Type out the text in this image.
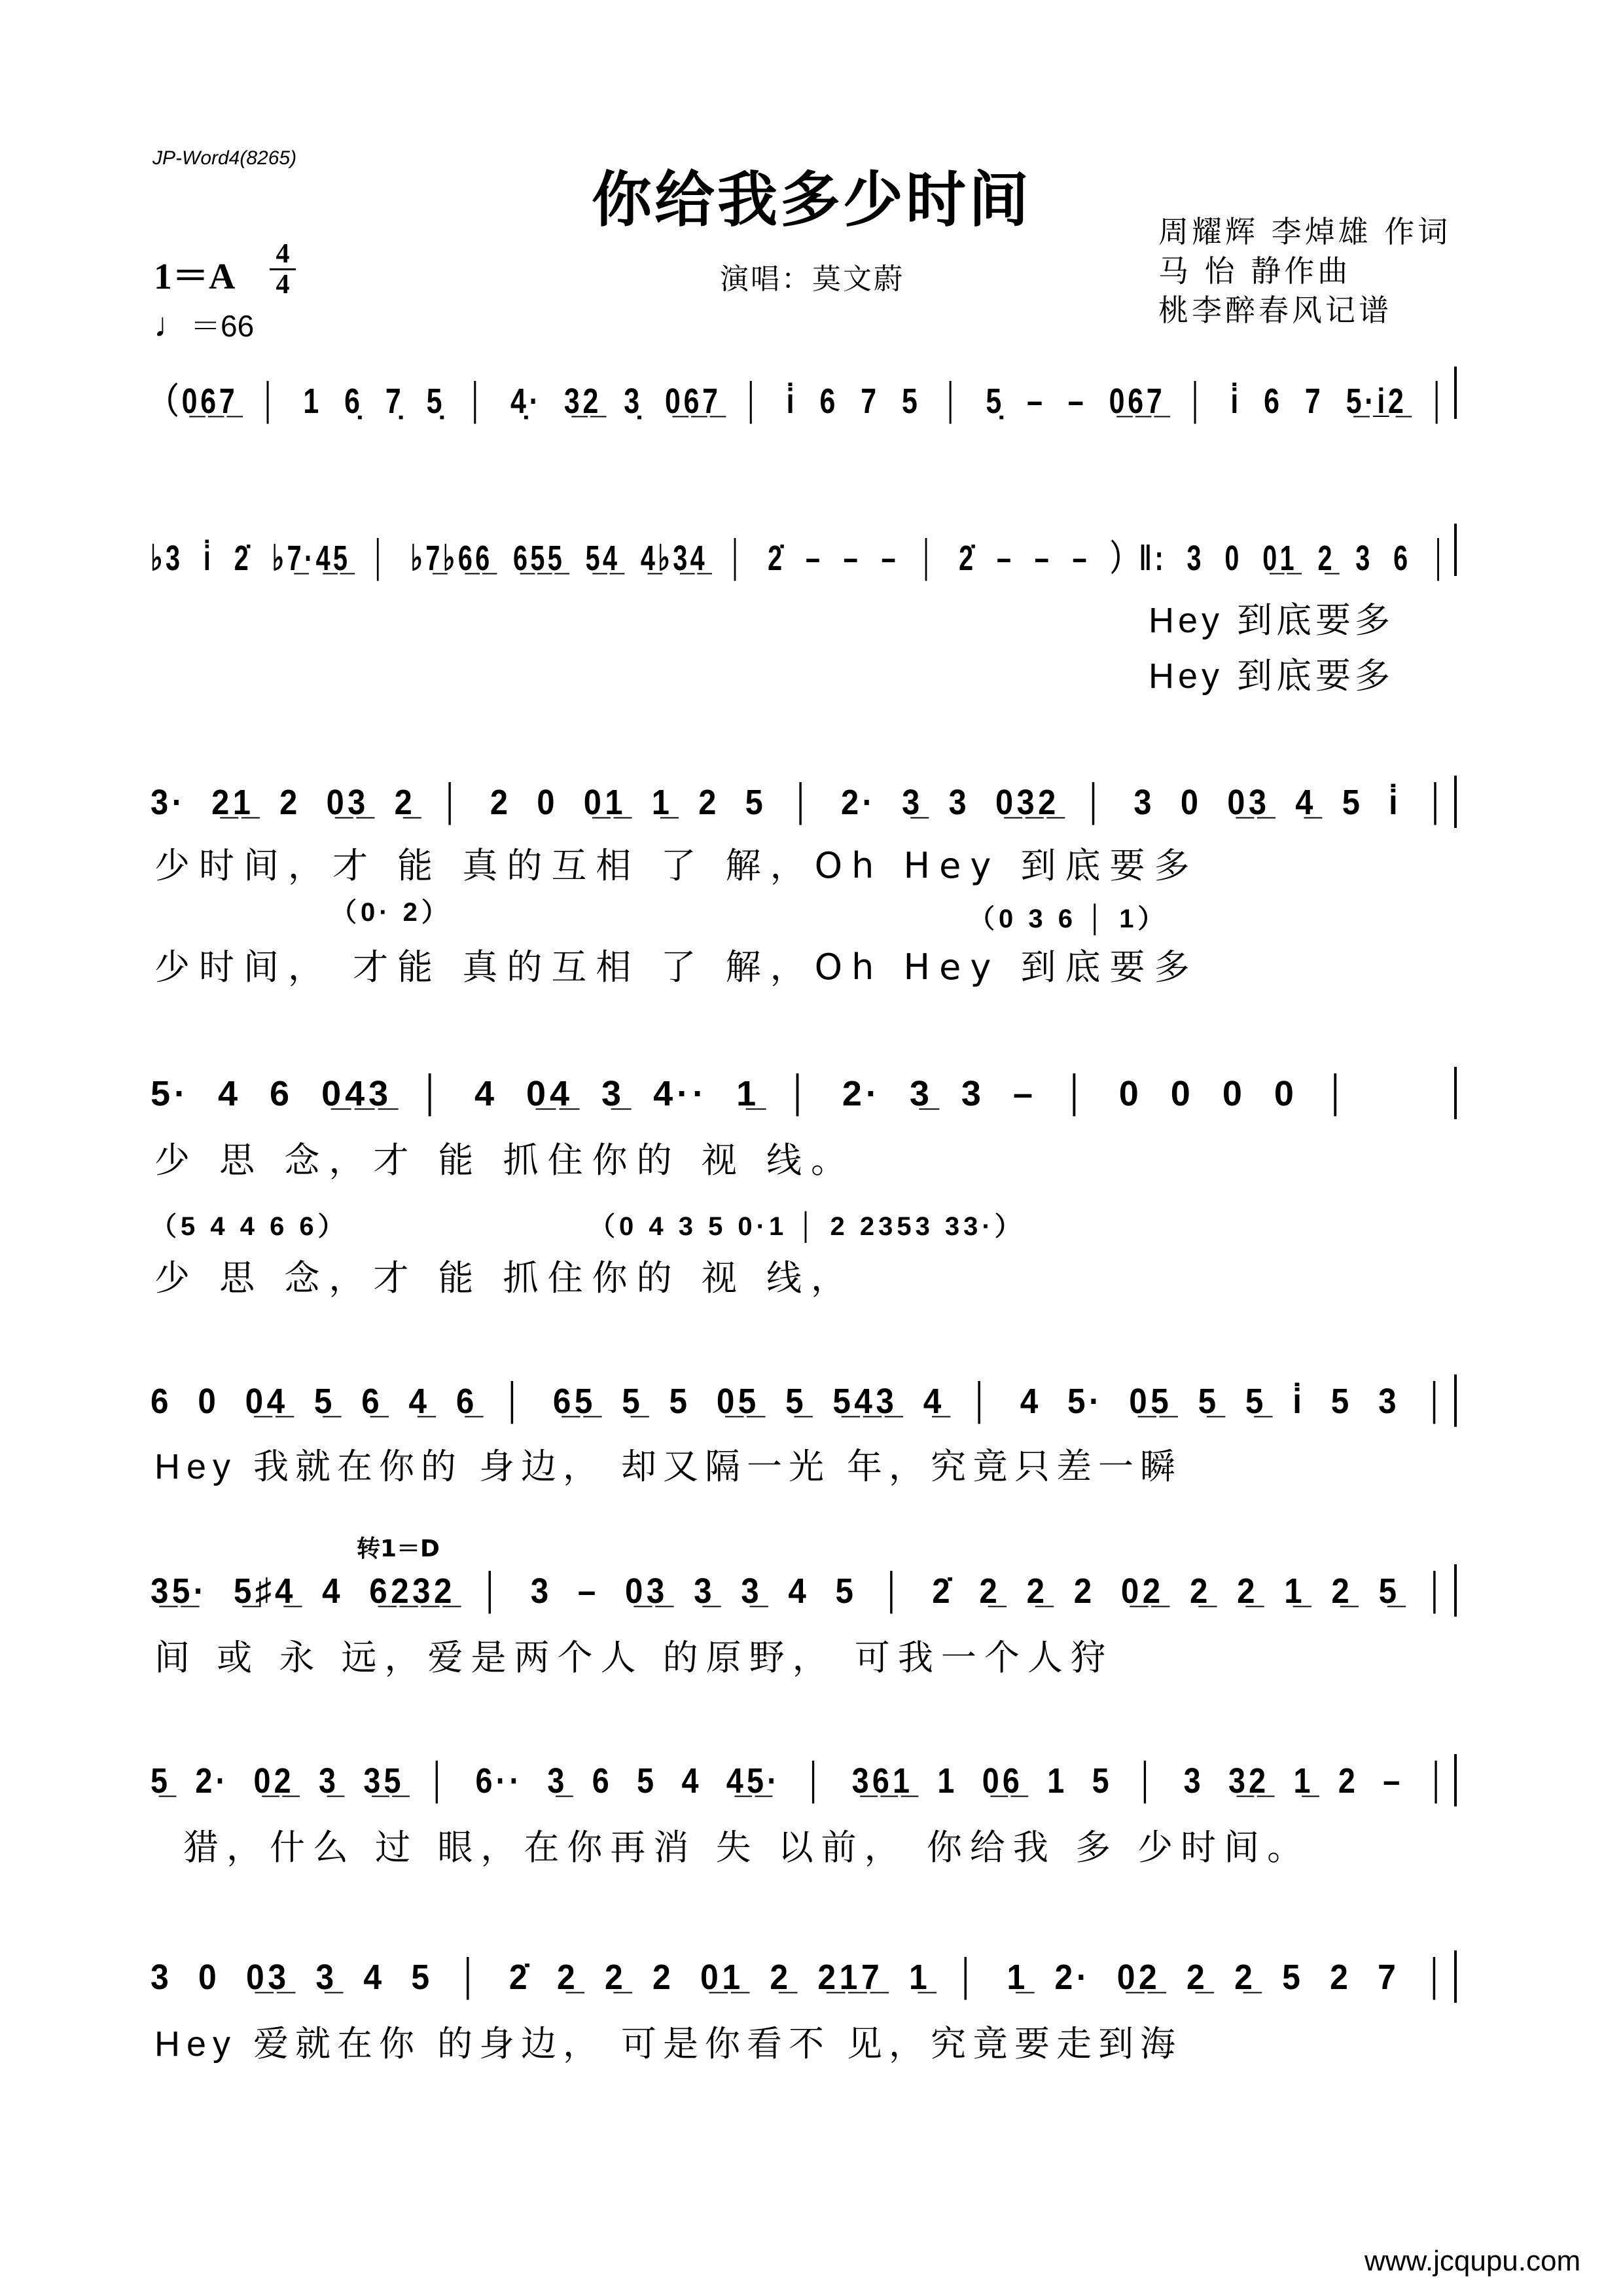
JP-Word4(8265)
你给我多少时间	周耀辉 李焯雄 作词
马 怡 静作曲
桃李醉春风记谱
1＝A
4
4
♩＝66
演唱：莫文蔚
（0̲6̲7̲ │ 1 6̣ 7̣ 5̣ │ 4̣· 3̲2̲ 3̣ 0̲6̲7̲ │ i̇ 6 7 5 │ 5̣ – – 0̲6̲7̲ │ i̇ 6 7 5̲·i̲2̲ │
♭3 i̇ 2̇ ♭7̲·4̲5̲ │ ♭7̲♭6̲6̲ 6̲5̲5̲ 5̲4̲ 4̲♭3̲4̲ │ 2̇ – – – │ 2̇ – – – ）‖: 3 0 0̲1̲ 2̲ 3 6 │
Hey 到底要多
Hey 到底要多
3· 2̲1̲ 2 0̲3̲ 2̲ │ 2 0 0̲1̲ 1̲ 2 5 │ 2· 3̲ 3 0̲3̲2̲ │ 3 0 0̲3̲ 4̲ 5 i̇ │
少时间，才 能 真的互相 了 解，Oh Hey 到底要多
（0· 2）	（0 3 6 │ 1）
少时间， 才能 真的互相 了 解，Oh Hey 到底要多
5· 4 6 0̲4̲3̲ │ 4 0̲4̲ 3̲ 4·· 1̲ │ 2· 3̲ 3 – │ 0 0 0 0 │
少 思 念，才 能 抓住你的 视 线。
（5 4 4 6 6）	（0 4 3 5 0·1 │ 2 2353 33·）
少 思 念，才 能 抓住你的 视 线，
6 0 0̲4̲ 5̲ 6̲ 4̲ 6̲ │ 6̲5̲ 5̲ 5 0̲5̲ 5̲ 5̲4̲3̲ 4̲ │ 4 5· 0̲5̲ 5̲ 5̲ i̇ 5 3 │
Hey 我就在你的 身边， 却又隔一光 年，究竟只差一瞬
转1＝D
3̲5̲· 5̲♯4̲ 4 6̲2̲3̲2̲ │ 3 – 0̲3̲ 3̲ 3̲ 4 5 │ 2̇ 2̲ 2̲ 2 0̲2̲ 2̲ 2̲ 1̲ 2̲ 5̲ │
间 或 永 远，爱是两个人 的原野， 可我一个人狩
5̲ 2· 0̲2̲ 3̲ 3̲5̲ │ 6·· 3̲ 6 5 4 4̲5̲· │ 3̲6̲1̲ 1 0̲6̲ 1 5 │ 3 3̲2̲ 1̲ 2 – │
猎，什么 过 眼，在你再消 失 以前， 你给我 多 少时间。
3 0 0̲3̲ 3̲ 4 5 │ 2̇ 2̲ 2̲ 2 0̲1̲ 2̲ 2̲1̲7̲ 1̲ │ 1̲ 2· 0̲2̲ 2̲ 2̲ 5 2 7 │
Hey 爱就在你 的身边， 可是你看不 见，究竟要走到海
www.jcqupu.com
